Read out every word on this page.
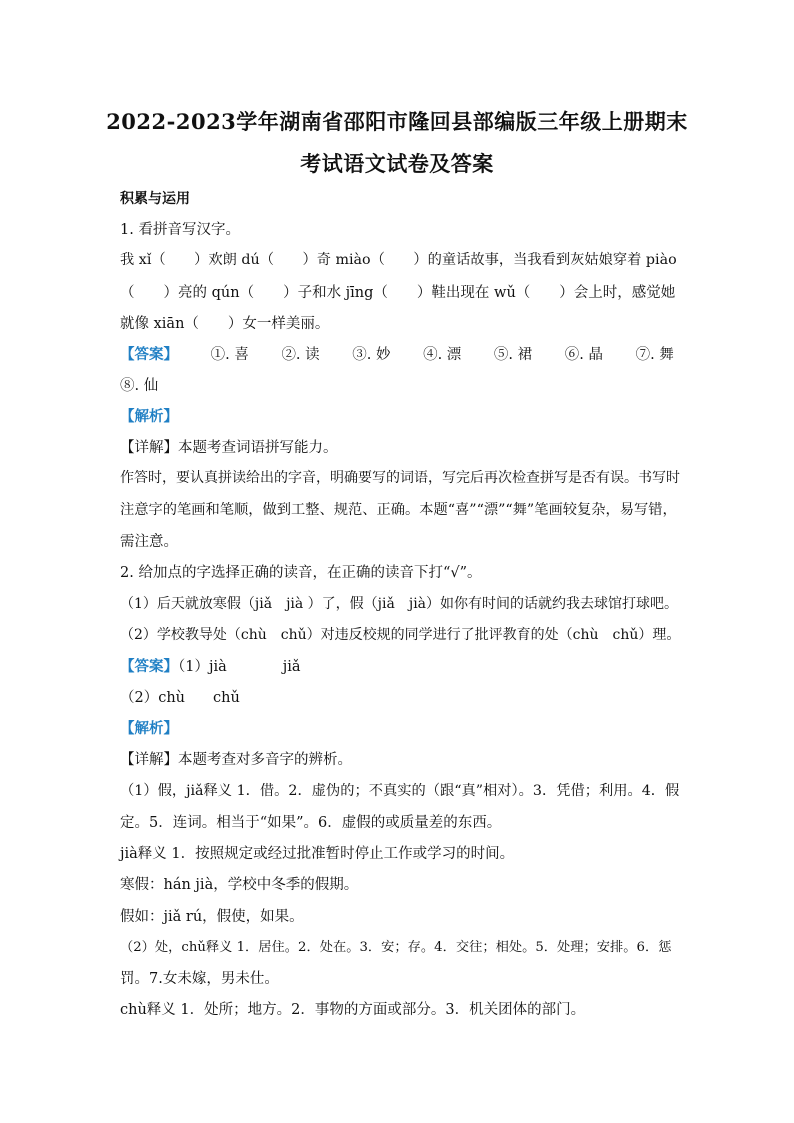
2022-2023学年湖南省邵阳市隆回县部编版三年级上册期末
考试语文试卷及答案
积累与运用
1. 看拼音写汉字。
我 xǐ（　　）欢朗 dú（　　）奇 miào（　　）的童话故事，当我看到灰姑娘穿着 piào
（　　）亮的 qún（　　）子和水 jīng（　　）鞋出现在 wǔ（　　）会上时，感觉她
就像 xiān（　　）女一样美丽。
【答案】 ①. 喜 ②. 读 ③. 妙 ④. 漂 ⑤. 裙 ⑥. 晶 ⑦. 舞
⑧. 仙
【解析】
【详解】本题考查词语拼写能力。
作答时，要认真拼读给出的字音，明确要写的词语，写完后再次检查拼写是否有误。书写时
注意字的笔画和笔顺，做到工整、规范、正确。本题“喜”“漂”“舞”笔画较复杂，易写错，
需注意。
2. 给加点的字选择正确的读音，在正确的读音下打“√”。
（1）后天就放寒假（jiǎ　jià ）了，假（jiǎ　jià）如你有时间的话就约我去球馆打球吧。
（2）学校教导处（chù　chǔ）对违反校规的同学进行了批评教育的处（chù　chǔ）理。
【答案】（1）jià	jiǎ
（2）chù chǔ
【解析】
【详解】本题考查对多音字的辨析。
（1）假，jiǎ释义 1．借。2．虚伪的；不真实的（跟“真”相对）。3．凭借；利用。4．假
定。5．连词。相当于“如果”。6．虚假的或质量差的东西。
jià释义 1．按照规定或经过批准暂时停止工作或学习的时间。
寒假：hán jià，学校中冬季的假期。
假如：jiǎ rú，假使，如果。
（2）处，chǔ释义 1．居住。2．处在。3．安；存。4．交往；相处。5．处理；安排。6．惩
罚。7.女未嫁，男未仕。
chù释义 1．处所；地方。2．事物的方面或部分。3．机关团体的部门。
